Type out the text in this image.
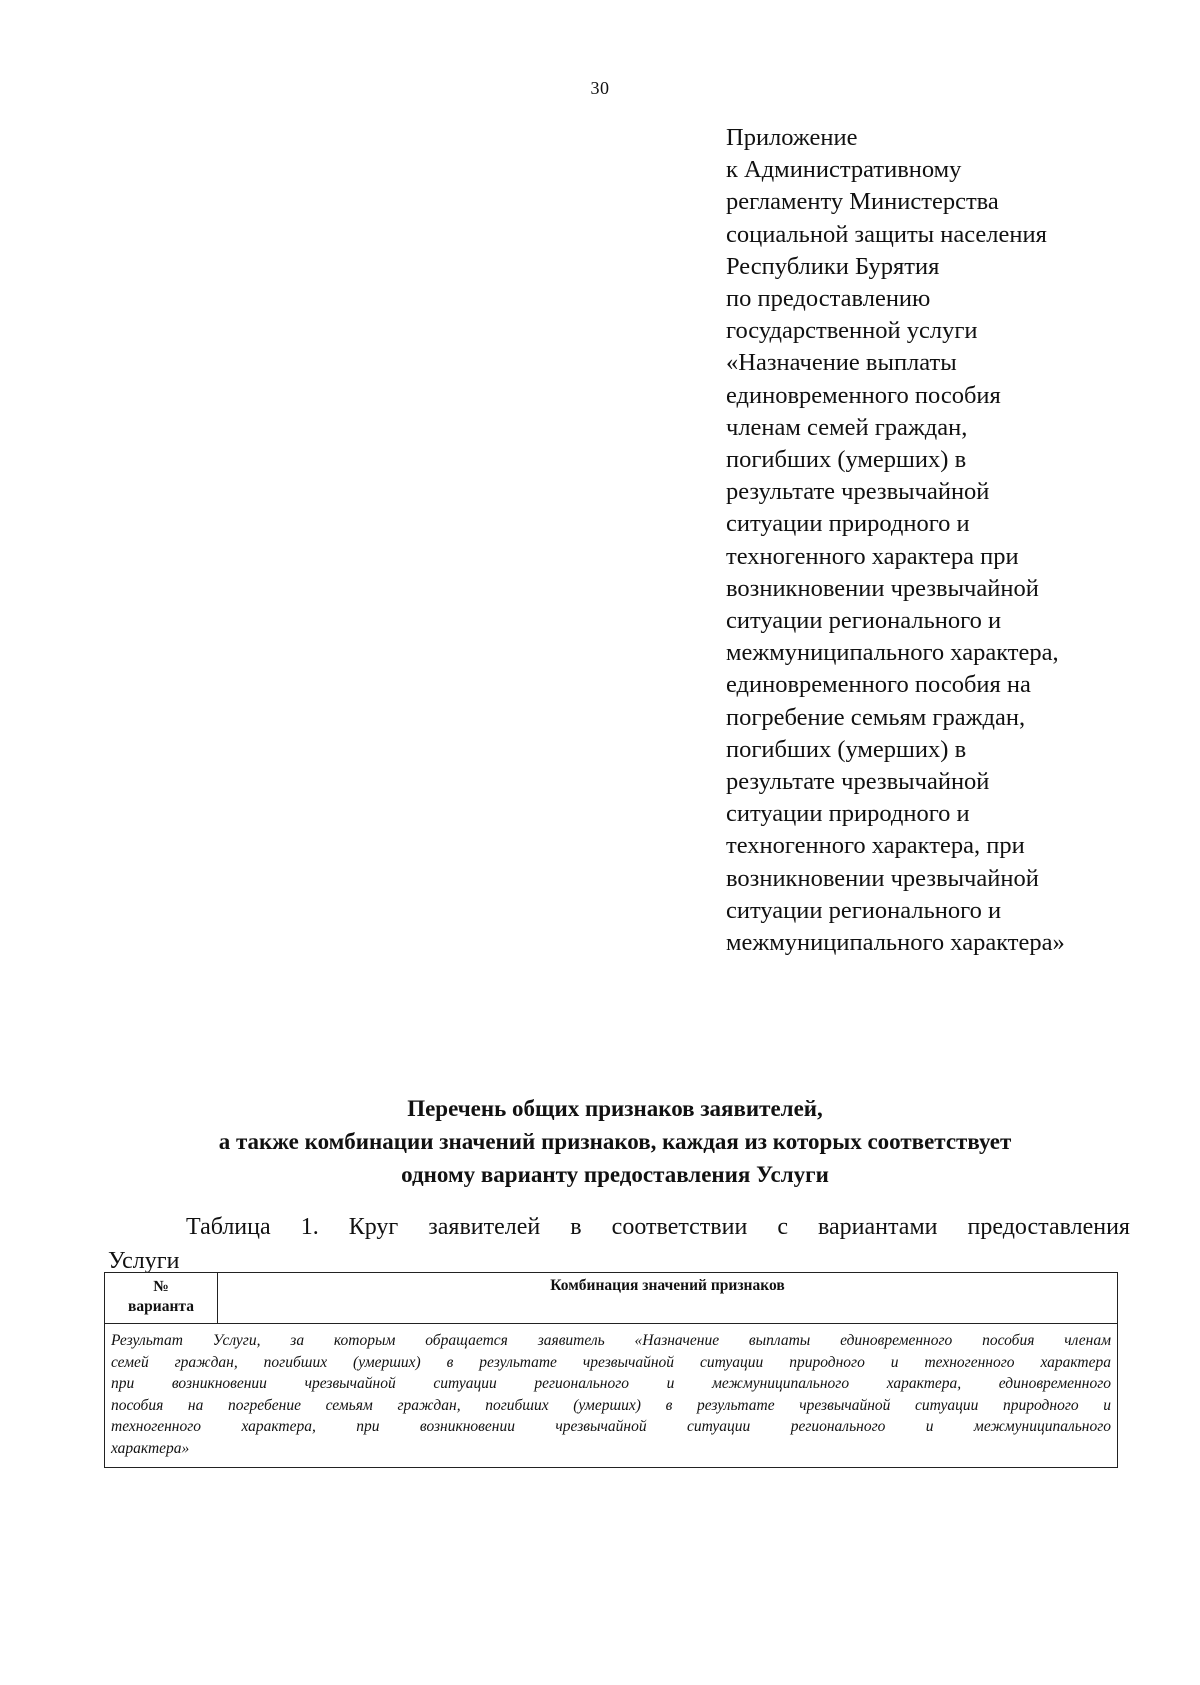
30
Приложение
к Административному
регламенту Министерства
социальной защиты населения
Республики Бурятия
по предоставлению
государственной услуги
«Назначение выплаты
единовременного пособия
членам семей граждан,
погибших (умерших) в
результате чрезвычайной
ситуации природного и
техногенного характера при
возникновении чрезвычайной
ситуации регионального и
межмуниципального характера,
единовременного пособия на
погребение семьям граждан,
погибших (умерших) в
результате чрезвычайной
ситуации природного и
техногенного характера, при
возникновении чрезвычайной
ситуации регионального и
межмуниципального характера»
Перечень общих признаков заявителей,
а также комбинации значений признаков, каждая из которых соответствует
одному варианту предоставления Услуги
Таблица 1. Круг заявителей в соответствии с вариантами предоставления
Услуги
№
варианта
	Комбинация значений признаков

Результат Услуги, за которым обращается заявитель «Назначение выплаты единовременного пособия членам
семей граждан, погибших (умерших) в результате чрезвычайной ситуации природного и техногенного характера
при возникновении чрезвычайной ситуации регионального и межмуниципального характера, единовременного
пособия на погребение семьям граждан, погибших (умерших) в результате чрезвычайной ситуации природного и
техногенного характера, при возникновении чрезвычайной ситуации регионального и межмуниципального
характера»
